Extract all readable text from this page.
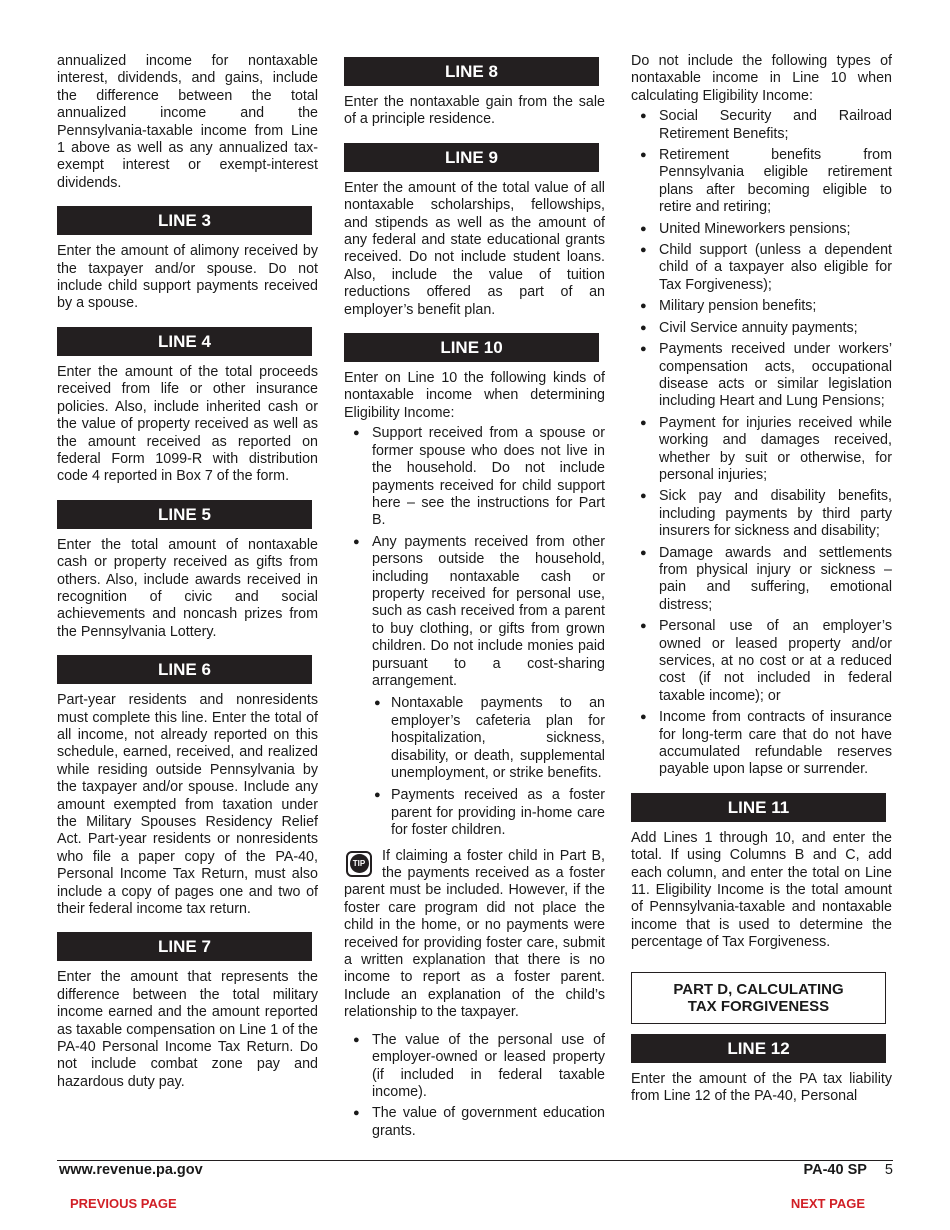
annualized income for nontaxable interest, dividends, and gains, include the difference between the total annualized income and the Pennsylvania-taxable income from Line 1 above as well as any annualized tax-exempt interest or exempt-interest dividends.

LINE 3

Enter the amount of alimony received by the taxpayer and/or spouse. Do not include child support payments received by a spouse.

LINE 4

Enter the amount of the total proceeds received from life or other insurance policies. Also, include inherited cash or the value of property received as well as the amount received as reported on federal Form 1099-R with distribution code 4 reported in Box 7 of the form.

LINE 5

Enter the total amount of nontaxable cash or property received as gifts from others. Also, include awards received in recognition of civic and social achievements and noncash prizes from the Pennsylvania Lottery.

LINE 6

Part-year residents and nonresidents must complete this line. Enter the total of all income, not already reported on this schedule, earned, received, and realized while residing outside Pennsylvania by the taxpayer and/or spouse. Include any amount exempted from taxation under the Military Spouses Residency Relief Act. Part-year residents or nonresidents who file a paper copy of the PA-40, Personal Income Tax Return, must also include a copy of pages one and two of their federal income tax return.

LINE 7

Enter the amount that represents the difference between the total military income earned and the amount reported as taxable compensation on Line 1 of the PA-40 Personal Income Tax Return. Do not include combat zone pay and hazardous duty pay.

LINE 8

Enter the nontaxable gain from the sale of a principle residence.

LINE 9

Enter the amount of the total value of all nontaxable scholarships, fellowships, and stipends as well as the amount of any federal and state educational grants received. Do not include student loans. Also, include the value of tuition reductions offered as part of an employer’s benefit plan.

LINE 10

Enter on Line 10 the following kinds of nontaxable income when determining Eligibility Income:

● Support received from a spouse or former spouse who does not live in the household. Do not include payments received for child support here – see the instructions for Part B.
● Any payments received from other persons outside the household, including nontaxable cash or property received for personal use, such as cash received from a parent to buy clothing, or gifts from grown children. Do not include monies paid pursuant to a cost-sharing arrangement.
● Nontaxable payments to an employer’s cafeteria plan for hospitalization, sickness, disability, or death, supplemental unemployment, or strike benefits.
● Payments received as a foster parent for providing in-home care for foster children.
TIP	If claiming a foster child in Part B, the payments received as a foster parent must be included. However, if the foster care program did not place the child in the home, or no payments were received for providing foster care, submit a written explanation that there is no income to report as a foster parent. Include an explanation of the child’s relationship to the taxpayer.

● The value of the personal use of employer-owned or leased property (if included in federal taxable income).
● The value of government education grants.

Do not include the following types of nontaxable income in Line 10 when calculating Eligibility Income:

● Social Security and Railroad Retirement Benefits;
● Retirement benefits from Pennsylvania eligible retirement plans after becoming eligible to retire and retiring;
● United Mineworkers pensions;
● Child support (unless a dependent child of a taxpayer also eligible for Tax Forgiveness);
● Military pension benefits;
● Civil Service annuity payments;
● Payments received under workers’ compensation acts, occupational disease acts or similar legislation including Heart and Lung Pensions;
● Payment for injuries received while working and damages received, whether by suit or otherwise, for personal injuries;
● Sick pay and disability benefits, including payments by third party insurers for sickness and disability;
● Damage awards and settlements from physical injury or sickness – pain and suffering, emotional distress;
● Personal use of an employer’s owned or leased property and/or services, at no cost or at a reduced cost (if not included in federal taxable income); or
● Income from contracts of insurance for long-term care that do not have accumulated refundable reserves payable upon lapse or surrender.
LINE 11

Add Lines 1 through 10, and enter the total. If using Columns B and C, add each column, and enter the total on Line 11. Eligibility Income is the total amount of Pennsylvania-taxable and nontaxable income that is used to determine the percentage of Tax Forgiveness.

PART D, CALCULATING
TAX FORGIVENESS
LINE 12

Enter the amount of the PA tax liability from Line 12 of the PA-40, Personal

www.revenue.pa.gov	PA-40 SP 5
PREVIOUS PAGE	NEXT PAGE
